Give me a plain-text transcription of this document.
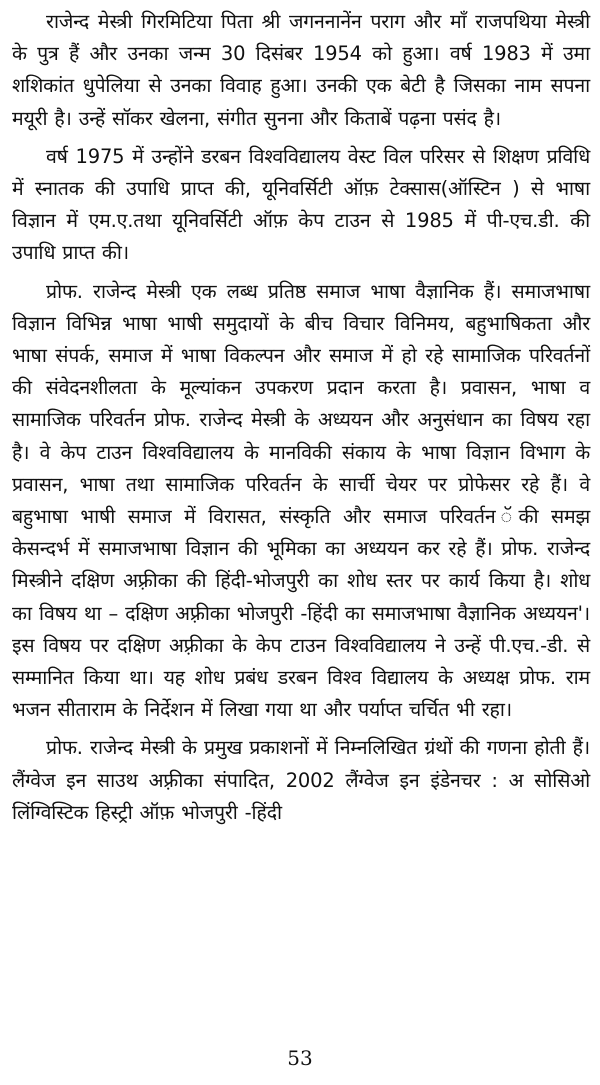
राजेन्द मेस्त्री गिरमिटिया पिता श्री जगननानेंन पराग और माँ राजपथिया मेस्त्री के पुत्र हैं और उनका जन्म 30 दिसंबर 1954 को हुआ। वर्ष 1983 में उमा शशिकांत धुपेलिया से उनका विवाह हुआ। उनकी एक बेटी है जिसका नाम सपना मयूरी है। उन्हें सॉकर खेलना, संगीत सुनना और किताबें पढ़ना पसंद है।

वर्ष 1975 में उन्होंने डरबन विश्वविद्यालय वेस्ट विल परिसर से शिक्षण प्रविधि में स्नातक की उपाधि प्राप्त की, यूनिवर्सिटी ऑफ़ टेक्सास(ऑस्टिन ) से भाषा विज्ञान में एम.ए.तथा यूनिवर्सिटी ऑफ़ केप टाउन से 1985 में पी-एच.डी. की उपाधि प्राप्त की।

प्रोफ. राजेन्द मेस्त्री एक लब्ध प्रतिष्ठ समाज भाषा वैज्ञानिक हैं। समाजभाषा विज्ञान विभिन्न भाषा भाषी समुदायों के बीच विचार विनिमय, बहुभाषिकता और भाषा संपर्क, समाज में भाषा विकल्पन और समाज में हो रहे सामाजिक परिवर्तनों की संवेदनशीलता के मूल्यांकन उपकरण प्रदान करता है। प्रवासन, भाषा व सामाजिक परिवर्तन प्रोफ. राजेन्द मेस्त्री के अध्ययन और अनुसंधान का विषय रहा है। वे केप टाउन विश्वविद्यालय के मानविकी संकाय के भाषा विज्ञान विभाग के प्रवासन, भाषा तथा सामाजिक परिवर्तन के सार्ची चेयर पर प्रोफेसर रहे हैं। वे बहुभाषा भाषी समाज में विरासत, संस्कृति और समाज परिवर्तन ॅकी समझ केसन्दर्भ में समाजभाषा विज्ञान की भूमिका का अध्ययन कर रहे हैं। प्रोफ. राजेन्द मिस्त्रीने दक्षिण अफ़्रीका की हिंदी-भोजपुरी का शोध स्तर पर कार्य किया है। शोध का विषय था – दक्षिण अफ़्रीका भोजपुरी -हिंदी का समाजभाषा वैज्ञानिक अध्ययन'। इस विषय पर दक्षिण अफ़्रीका के केप टाउन विश्वविद्यालय ने उन्हें पी.एच.-डी. से सम्मानित किया था। यह शोध प्रबंध डरबन विश्व विद्यालय के अध्यक्ष प्रोफ. राम भजन सीताराम के निर्देशन में लिखा गया था और पर्याप्त चर्चित भी रहा।

प्रोफ. राजेन्द मेस्त्री के प्रमुख प्रकाशनों में निम्नलिखित ग्रंथों की गणना होती हैं। लैंग्वेज इन साउथ अफ़्रीका संपादित, 2002 लैंग्वेज इन इंडेनचर : अ सोसिओ लिंग्विस्टिक हिस्ट्री ऑफ़ भोजपुरी -हिंदी

53
